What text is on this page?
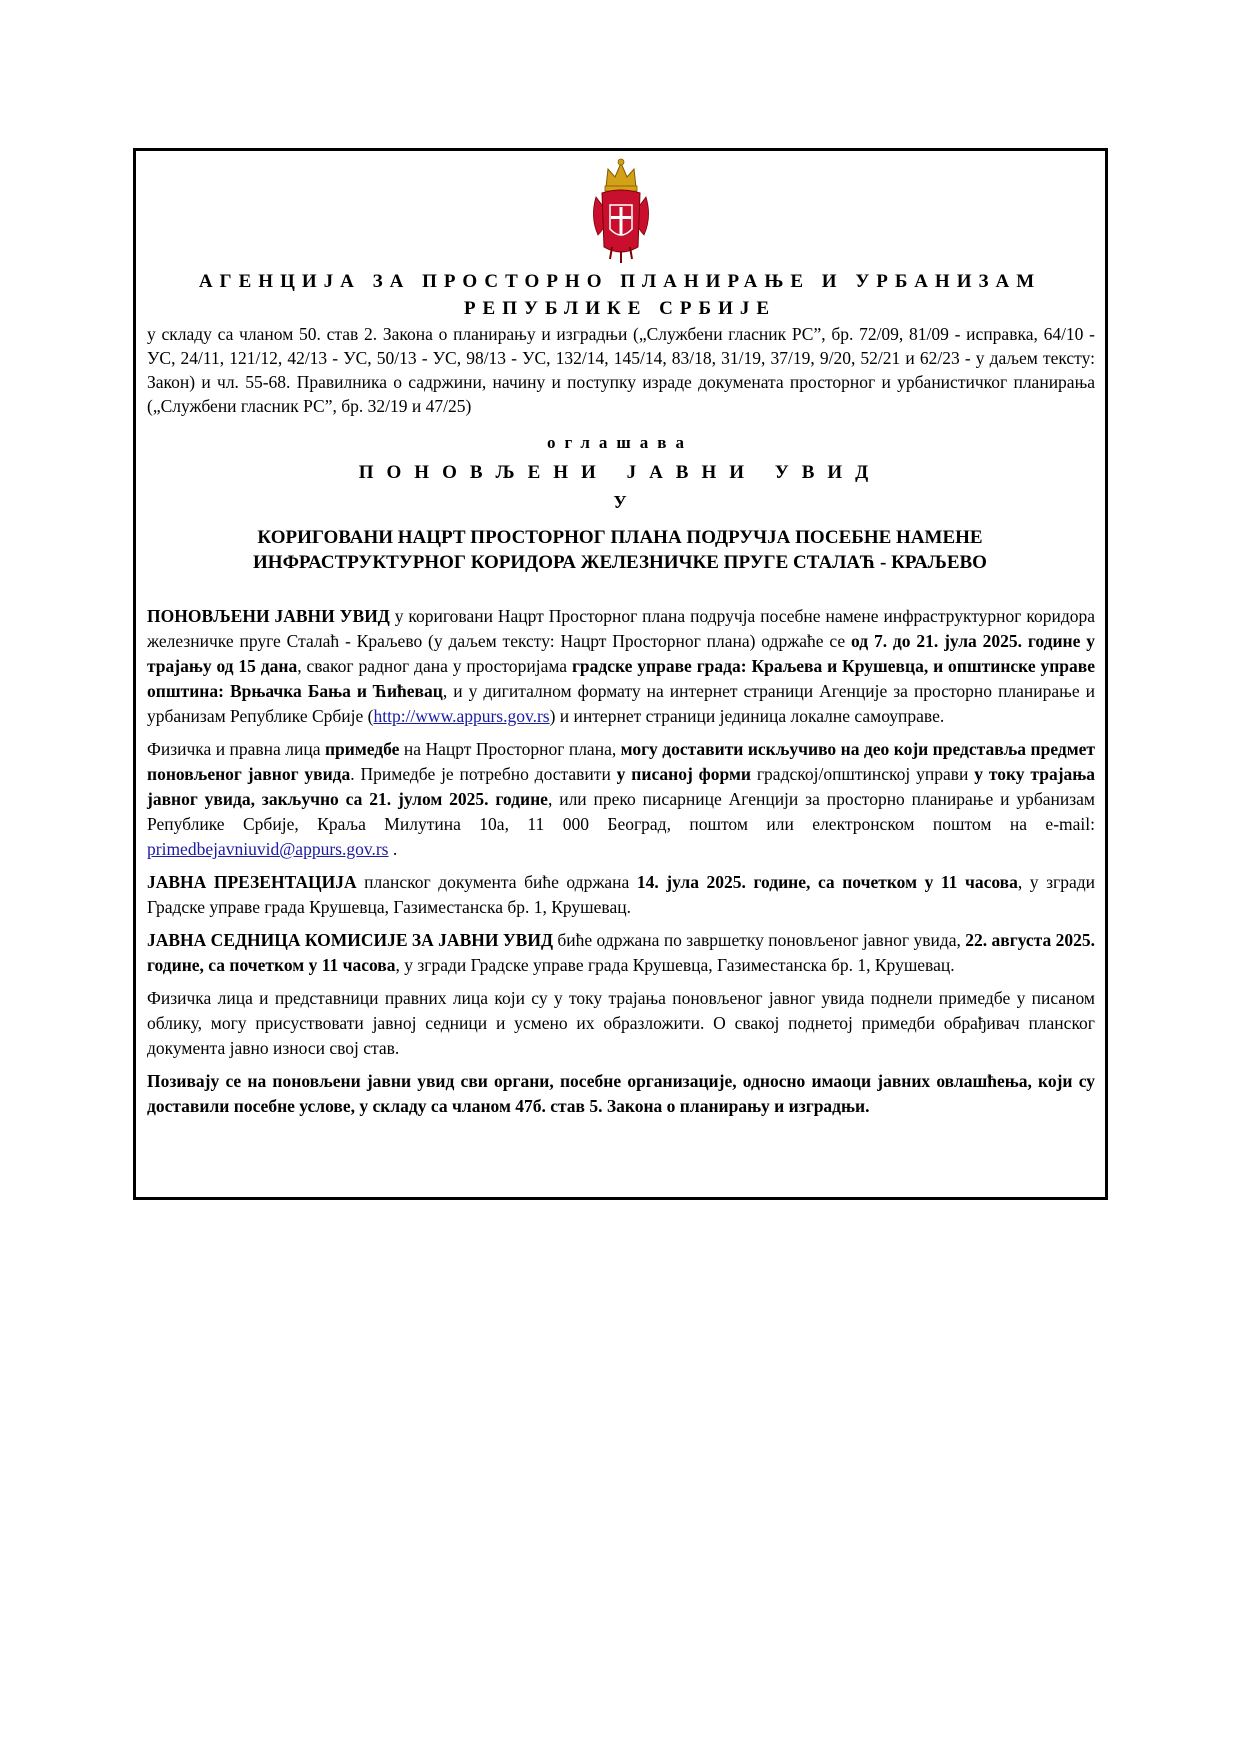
АГЕНЦИЈА ЗА ПРОСТОРНО ПЛАНИРАЊЕ И УРБАНИЗАМ
РЕПУБЛИКЕ СРБИЈЕ
у складу са чланом 50. став 2. Закона о планирању и изградњи („Службени гласник РС”, бр. 72/09, 81/09 - исправка, 64/10 - УС, 24/11, 121/12, 42/13 - УС, 50/13 - УС, 98/13 - УС, 132/14, 145/14, 83/18, 31/19, 37/19, 9/20, 52/21 и 62/23 - у даљем тексту: Закон) и чл. 55-68. Правилника о садржини, начину и поступку израде докумената просторног и урбанистичког планирања („Службени гласник РС”, бр. 32/19 и 47/25)
оглашава
ПОНОВЉЕНИ ЈАВНИ УВИД
У
КОРИГОВАНИ НАЦРТ ПРОСТОРНОГ ПЛАНА ПОДРУЧЈА ПОСЕБНЕ НАМЕНЕ
ИНФРАСТРУКТУРНОГ КОРИДОРА ЖЕЛЕЗНИЧКЕ ПРУГЕ СТАЛАЋ - КРАЉЕВО

ПОНОВЉЕНИ ЈАВНИ УВИД у кориговани Нацрт Просторног плана подручја посебне намене инфраструктурног коридора железничке пруге Сталаћ - Краљево (у даљем тексту: Нацрт Просторног плана) одржаће се од 7. до 21. јула 2025. године у трајању од 15 дана, сваког радног дана у просторијама градске управе града: Краљева и Крушевца, и општинске управе општина: Врњачка Бања и Ћићевац, и у дигиталном формату на интернет страници Агенције за просторно планирање и урбанизам Републике Србије (http://www.appurs.gov.rs) и интернет страници јединица локалне самоуправе.

Физичка и правна лица примедбе на Нацрт Просторног плана, могу доставити искључиво на део који представља предмет поновљеног јавног увида. Примедбе је потребно доставити у писаној форми градској/општинској управи у току трајања јавног увида, закључно са 21. јулом 2025. године, или преко писарнице Агенцији за просторно планирање и урбанизам Републике Србије, Краља Милутина 10а, 11 000 Београд, поштом или електронском поштом на e-mail: primedbejavniuvid@appurs.gov.rs .

ЈАВНА ПРЕЗЕНТАЦИЈА планског документа биће одржана 14. јула 2025. године, са почетком у 11 часова, у згради Градске управе града Крушевца, Газиместанска бр. 1, Крушевац.

ЈАВНА СЕДНИЦА КОМИСИЈЕ ЗА ЈАВНИ УВИД биће одржана по завршетку поновљеног јавног увида, 22. августа 2025. године, са почетком у 11 часова, у згради Градске управе града Крушевца, Газиместанска бр. 1, Крушевац.

Физичка лица и представници правних лица који су у току трајања поновљеног јавног увида поднели примедбе у писаном облику, могу присуствовати јавној седници и усмено их образложити. О свакој поднетој примедби обрађивач планског документа јавно износи свој став.

Позивају се на поновљени јавни увид сви органи, посебне организације, односно имаоци јавних овлашћења, који су доставили посебне услове, у складу са чланом 47б. став 5. Закона о планирању и изградњи.
